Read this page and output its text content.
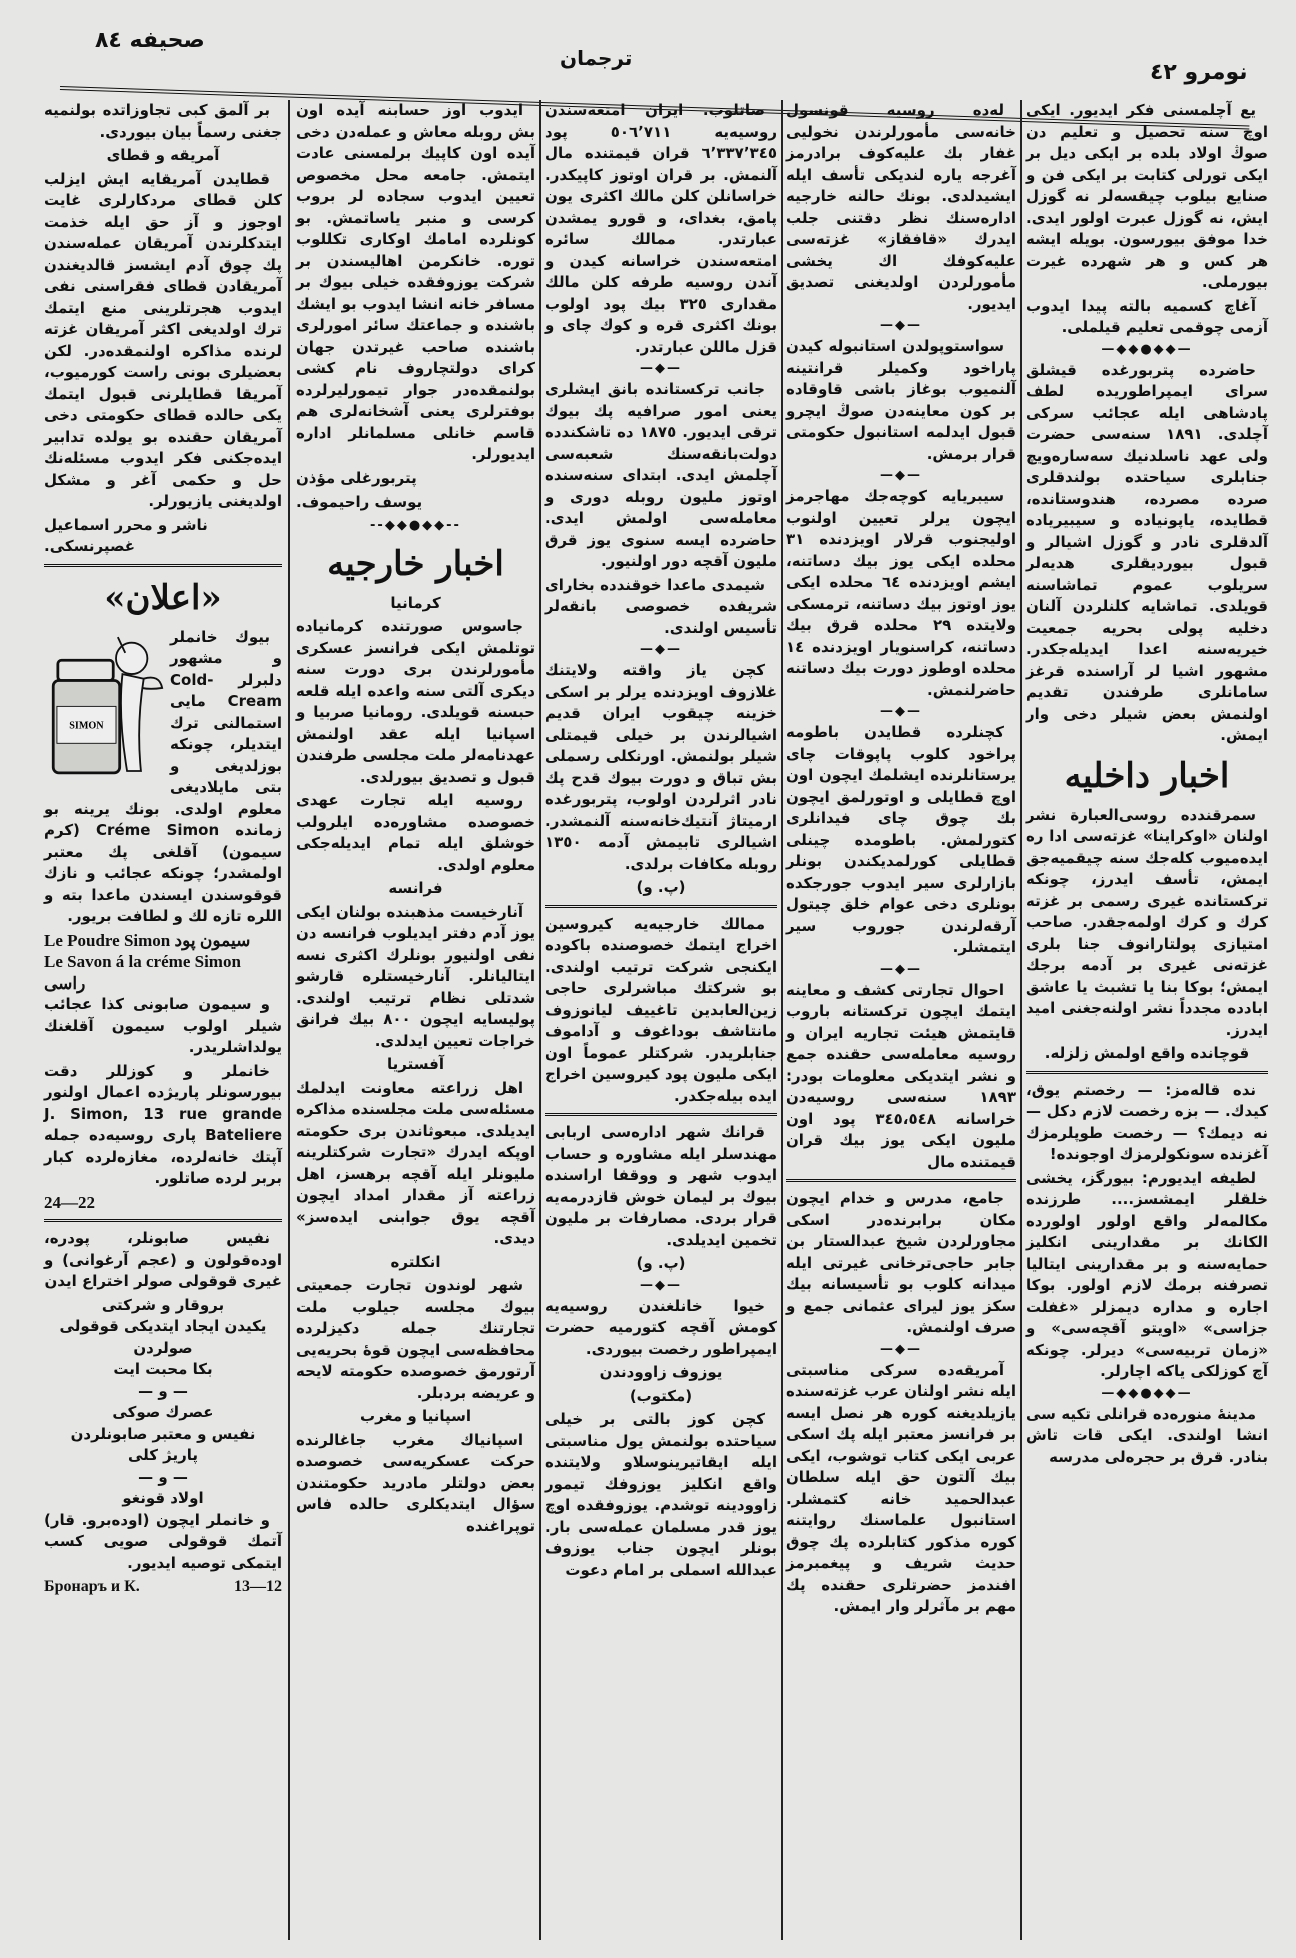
صحيفه ٨٤
ترجمان
نومرو ٤٢

يع آچلمسنى فكر ايديور. ايكى اوچ سنه تحصيل و تعليم دن صوڭ اولاد بلده بر ايكى ديل بر ايكى تورلى كتابت بر ايكى فن و صنايع بيلوب چيقسه‌لر نه گوزل ايش، نه گوزل عبرت اولور ايدى. خدا موفق بيورسون. بويله ايشه هر كس و هر شهرده غيرت بيورملى.

آغاچ كسميه بالته پيدا ايدوب آزمى چوقمى تعليم قيلملى.

—◆◆●◆◆—

حاضرده پتربورغده قيشلق سراى ايمپراطوريده لطف پادشاهى ايله عجائب سركى آچلدى. ١٨٩١ سنه‌سى حضرت ولى عهد ناسلدنيك سه‌ساره‌ويچ جنابلرى سياحتده بولندقلرى صرده مصرده، هندوستانده، قطايده، ياپونياده و سيبيرياده آلدقلرى نادر و گوزل اشيالر و قبول بيورديقلرى هديه‌لر سريلوب عموم تماشاسنه قويلدى. تماشايه كلنلردن آلنان دخليه پولى بحريه جمعيت خيريه‌سنه اعدا ايديله‌جكدر. مشهور اشيا لر آراسنده قرغز سامانلرى طرفندن تقديم اولنمش بعض شيلر دخى وار ايمش.

اخبار داخليه

سمرقندده روسى‌العبارة نشر اولنان «اوكراينا» غزته‌سى ادا ره ايده‌ميوب كله‌جك سنه چيقميه‌جق ايمش، تأسف ايدرز، چونكه تركستانده غيرى رسمى بر غزته كرك و كرك اولمه‌جقدر. صاحب امتيازى پولتارانوف جنا بلرى غزته‌نى غيرى بر آدمه برجك ايمش؛ بوكا بنا يا تشبث يا عاشق ابادده مجدداً نشر اولنه‌جغنى اميد ايدرز.

قوچانده واقع اولمش زلزله.

نده قاله‌مز: — رخصتم يوق، كيدك. — بزه رخصت لازم دكل — نه ديمك؟ — رخصت طوپلرمزك آغزنده سونكولرمزك اوجونده!

لطيفه ايديورم: بيورگز، يخشى خلقلر ايمشسز.... طرزنده مكالمه‌لر واقع اولور اولورده الكانك بر مقدارينى انكليز حمايه‌سنه و بر مقدارينى ايتاليا تصرفنه برمك لازم اولور. بوكا اجاره و مداره ديمزلر «غفلت جزاسى» «اويتو آقچه‌سى» و «زمان تربيه‌سى» ديرلر. چونكه آچ كوزلكى ياكه اچارلر.

—◆◆●◆◆—

مدينهٔ منوره‌ده قرانلى تكيه سى انشا اولندى. ايكى قات تاش بنادر. قرق بر حجره‌لى مدرسه

له‌ده روسيه قونسول خانه‌سى مأمورلرندن نخوليى غفار بك عليه‌كوف برادرمز آغرجه ياره لنديكى تأسف ايله ايشيدلدى. بونك حالنه خارجيه اداره‌سنك نظر دقتنى جلب ايدرك «قافقاز» غزته‌سى عليه‌كوفك اك يخشى مأمورلردن اولديغنى تصديق ايديور.

—◆—

سواستوپولدن استانبوله كيدن پاراخود وكميلر قرانتينه آلنميوب بوغاز باشى قاوقاده بر كون معاينه‌دن صوڭ ايچرو قبول ايدلمه استانبول حكومتى قرار برمش.

—◆—

سيبريايه كوچه‌جك مهاجرمز ايچون يرلر تعيين اولنوب اوليجنوب قرلار اويزدنده ٣١ محلده ايكى يوز بيك دساتنه، ايشم اويزدنده ٦٤ محلده ايكى يوز اوتوز بيك دساتنه، ترمسكى ولايتده ٢٩ محلده قرق بيك دساتنه، كراسنويار اويزدنده ١٤ محلده اوطوز دورت بيك دساتنه حاضرلنمش.

—◆—

كچنلرده قطايدن باطومه پراخود كلوب پاپوقات چاى يرستانلرنده ايشلمك ايچون اون اوچ قطايلى و اوتورلمق ايچون بك چوق چاى فيدانلرى كتورلمش. باطومده چينلى قطايلى كورلمديكندن بونلر بازارلرى سير ايدوب جورجكده بونلرى دخى عوام خلق چيتول آرقه‌لرندن جوروب سير ايتمشلر.

—◆—

احوال تجارتى كشف و معاينه ايتمك ايچون تركستانه باروب قايتمش هيئت تجاريه ايران و روسيه معامله‌سى حقنده جمع و نشر ايتديكى معلومات بودر: ١٨٩٣ سنه‌سى روسيه‌دن خراسانه ٣٤٥،٥٤٨ پود اون مليون ايكى يوز بيك قران قيمتنده مال

جامع، مدرس و خدام ايچون مكان برابرنده‌در اسكى مجاورلردن شيخ عبدالستار بن جابر حاجى‌ترخانى غيرتى ايله ميدانه كلوب بو تأسيسانه بيك سكز يوز ليراى عثمانى جمع و صرف اولنمش.

—◆—

آمريقه‌ده سركى مناسبتى ايله نشر اولنان عرب غزته‌سنده يازيلديغنه كوره هر نصل ايسه بر فرانسز معتبر ايله پك اسكى عربى ايكى كتاب توشوب، ايكى بيك آلتون حق ايله سلطان عبدالحميد خانه كتمشلر. استانبول علماسنك روايتنه كوره مذكور كتابلرده پك چوق حديث شريف و پيغمبرمز افندمز حضرتلرى حقنده پك مهم بر مآثرلر وار ايمش.

صاتلوب. ايران امتعه‌سندن روسيه‌يه ٥٠٦٬٧١١ پود ٦٬٣٣٧٬٣٤٥ قران قيمتنده مال آلنمش. بر قران اوتوز كاپيكدر. خراسانلن كلن مالك اكثرى يون پامق، بغداى، و قورو يمشدن عبارتدر. ممالك سائره امتعه‌سندن خراسانه كيدن و آندن روسيه طرفه كلن مالك مقدارى ٣٢٥ بيك پود اولوب بونك اكثرى قره و كوك چاى و قزل ماللن عبارتدر.

—◆—

جانب تركستانده بانق ايشلرى يعنى امور صرافيه پك بيوك ترقى ايديور. ١٨٧٥ ده تاشكندده دولت‌بانقه‌سنك شعبه‌سى آچلمش ايدى. ابتداى سنه‌سنده اوتوز مليون روبله دورى و معامله‌سى اولمش ايدى. حاضرده ايسه سنوى يوز قرق مليون آقچه دور اولنيور.

شيمدى ماعدا خوقندده بخاراى شريفده خصوصى بانقه‌لر تأسيس اولندى.

—◆—

كچن ياز واقته ولايتنك غلازوف اويزدنده يرلر بر اسكى خزينه چيقوب ايران قديم اشيالرندن بر خيلى قيمتلى شيلر بولنمش. اورنكلى رسملى بش تباق و دورت بيوك قدح پك نادر اثرلردن اولوب، پتربورغده ارميتاژ آنتيك‌خانه‌سنه آلنمشدر. اشيالرى تابيمش آدمه ١٣٥٠ روبله مكافات برلدى.

(پ. و)

ممالك خارجيه‌يه كيروسين اخراج ايتمك خصوصنده باكوده ايكنجى شركت ترتيب اولندى. بو شركتك مباشرلرى حاجى زين‌العابدين تاغييف ليانوزوف مانتاشف بوداغوف و آداموف جنابلريدر. شركتلر عموماً اون ايكى مليون پود كيروسين اخراج ايده بيله‌جكدر.

قرانك شهر اداره‌سى اربابى مهندسلر ايله مشاوره و حساب ايدوب شهر و ووقفا اراسنده بيوك بر ليمان خوش قازدرمه‌يه قرار بردى. مصارفات بر مليون تخمين ايديلدى.

(پ. و)
—◆—

خيوا خانلغندن روسيه‌يه كومش آقچه كتورميه حضرت ايمپراطور رخصت بيوردى.

يوزوف زاوودندن
(مكتوب)

كچن كوز بالتى بر خيلى سياحتده بولنمش يول مناسبتى ايله ايقاتيرينوسلاو ولايتنده واقع انكليز يوزوفك تيمور زاوودينه توشدم. يوزوفقده اوچ يوز قدر مسلمان عمله‌سى بار. بونلر ايچون جناب يوزوف عبدالله اسملى بر امام دعوت

ايدوب اوز حسابنه آيده اون بش روبله معاش و عمله‌دن دخى آيده اون كاپيك برلمسنى عادت ايتمش. جامعه محل مخصوص تعيين ايدوب سجاده لر بروب كرسى و منبر ياساتمش. بو كونلرده امامك اوكارى تكللوب توره. خانكرمن اهاليسندن بر شركت يوزوفقده خيلى بيوك بر مسافر خانه انشا ايدوب بو ايشك باشنده و جماعتك سائر امورلرى باشنده صاحب غيرتدن جهان كراى دولتچاروف نام كشى بولنمقده‌در جوار تيمورليرلرده بوفترلرى يعنى آشخانه‌لرى هم قاسم خانلى مسلمانلر اداره ايديورلر.

پتربورغلى مؤذن
يوسف راحيموف.
--◆◆●◆◆--
اخبار خارجيه
كرمانيا

جاسوس صورتنده كرمانياده توتلمش ايكى فرانسز عسكرى مأمورلرندن برى دورت سنه ديكرى آلتى سنه واعده ايله قلعه حبسنه قويلدى. رومانيا صربيا و اسپانيا ايله عقد اولنمش عهدنامه‌لر ملت مجلسى طرفندن قبول و تصديق بيورلدى.

روسيه ايله تجارت عهدى خصوصده مشاوره‌ده ايلرولب خوشلق ايله تمام ايديله‌جكى معلوم اولدى.

فرانسه

آنارخيست مذهبنده بولنان ايكى يوز آدم دفتر ايديلوب فرانسه دن نفى اولنيور بونلرك اكثرى نسه ايتاليانلر. آنارخيستلره قارشو شدتلى نظام ترتيب اولندى. پوليسايه ايچون ٨٠٠ بيك فرانق خراجات تعيين ايدلدى.

آفستريا

اهل زراعته معاونت ايدلمك مسئله‌سى ملت مجلسنده مذاكره ايديلدى. مبعوثاندن برى حكومته اوپكه ايدرك «تجارت شركتلرينه مليونلر ايله آقچه برهسز، اهل زراعته آز مقدار امداد ايچون آقچه يوق جوابنى ايده‌سز» ديدى.

انكلتره

شهر لوندون تجارت جمعيتى بيوك مجلسه جيلوب ملت تجارتنك جمله دكيزلرده محافظه‌سى ايچون قوهٔ بحريه‌يى آرتورمق خصوصده حكومته لايحه و عريضه بردبلر.

اسپانيا و مغرب

اسپانياك مغرب جاغالرنده حركت عسكريه‌سى خصوصده بعض دولتلر مادريد حكومتندن سؤال ايتديكلرى حالده فاس توپراغنده

بر آلمق كبى تجاوزاتده بولنميه جغنى رسماً بيان بيوردى.

آمريقه و قطاى

قطايدن آمريقايه ايش ايزلب كلن قطاى مردكارلرى غايت اوجوز و آز حق ايله خذمت ايتدكلرندن آمريقان عمله‌سندن پك چوق آدم ايشسز قالديغندن آمريقادن قطاى فقراسنى نفى ايدوب هجرتلرينى منع ايتمك ترك اولديغى اكثر آمريقان غزته لرنده مذاكره اولنمقده‌در. لكن بعضيلرى بونى راست كورميوب، آمريقا قطايلرنى قبول ايتمك يكى حالده قطاى حكومتى دخى آمريقان حقنده بو يولده تدابير ايده‌جكنى فكر ايدوب مسئله‌نك حل و حكمى آغر و مشكل اولديغنى يازيورلر.

ناشر و محرر اسماعيل غصپرنسكى.
«اعلان»
SIMON

بيوك خانملر و مشهور دلبرلر Cold-Cream مايى استمالنى ترك ايتديلر، چونكه بوزلديغى و بتى مايلاديغى معلوم اولدى. بونك يرينه بو زمانده Créme Simon (كرم سيمون) آقلغى پك معتبر اولمشدر؛ چونكه عجائب و نازك قوقوسندن ايسندن ماعدا بته و اللره تازه لك و لطافت بريور.

Le Poudre Simon سيمون پود
Le Savon á la créme Simon راسى

و سيمون صابونى كذا عجائب شيلر اولوب سيمون آقلغنك يولداشلريدر.

خانملر و كوزللر دقت بيورسونلر پاريژده اعمال اولنور J. Simon, 13 rue grande Bateliere پارى روسيه‌ده جمله آپتك خانه‌لرده، مغازه‌لرده كبار بربر لرده صاتلور.

24—22

نفيس صابونلر، پودره، اوده‌قولون و (عجم آرغوانى) و غيرى قوقولى صولر اختراع ايدن

بروقار و شركتى
يكيدن ايجاد ايتديكى قوقولى صولردن
بكا محبت ايت
— و —
عصرك صوكى
نفيس و معتبر صابونلردن
پاريژ كلى
— و —
اولاد قونغو

و خانملر ايچون (اوده‌برو. قار) آتمك قوقولى صويى كسب ايتمكى توصيه ايديور.

Бронаръ и К.	13—12
